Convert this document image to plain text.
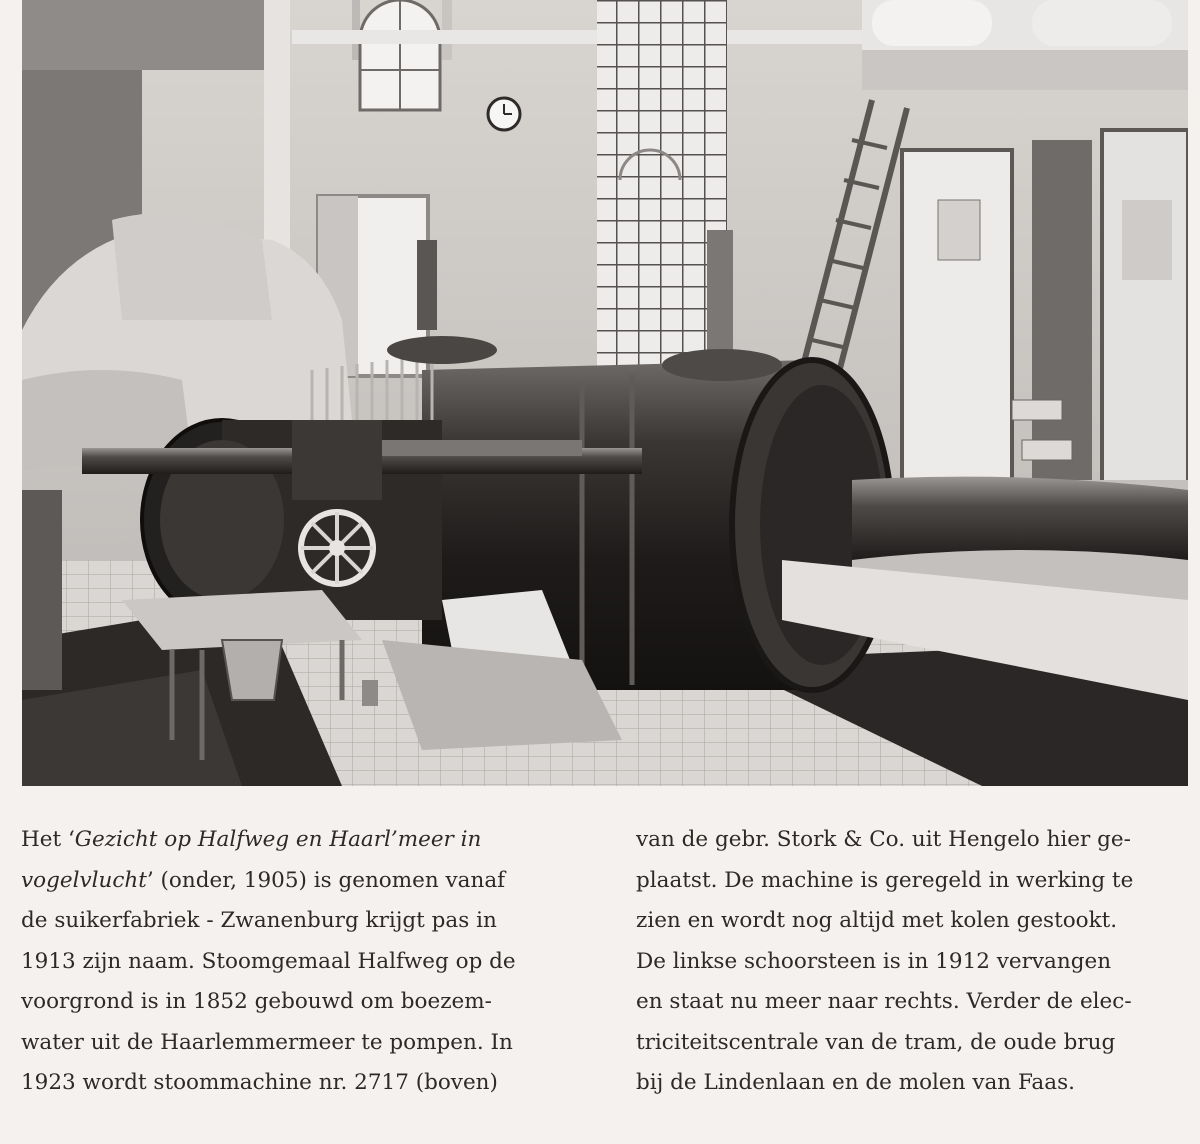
Het ‘Gezicht op Halfweg en Haarl’meer in
vogelvlucht’ (onder, 1905) is genomen vanaf
de suikerfabriek - Zwanenburg krijgt pas in
1913 zijn naam. Stoomgemaal Halfweg op de
voorgrond is in 1852 gebouwd om boezem-
water uit de Haarlemmermeer te pompen. In
1923 wordt stoommachine nr. 2717 (boven)

van de gebr. Stork & Co. uit Hengelo hier ge-
plaatst. De machine is geregeld in werking te
zien en wordt nog altijd met kolen gestookt.
De linkse schoorsteen is in 1912 vervangen
en staat nu meer naar rechts. Verder de elec-
triciteitscentrale van de tram, de oude brug
bij de Lindenlaan en de molen van Faas.
